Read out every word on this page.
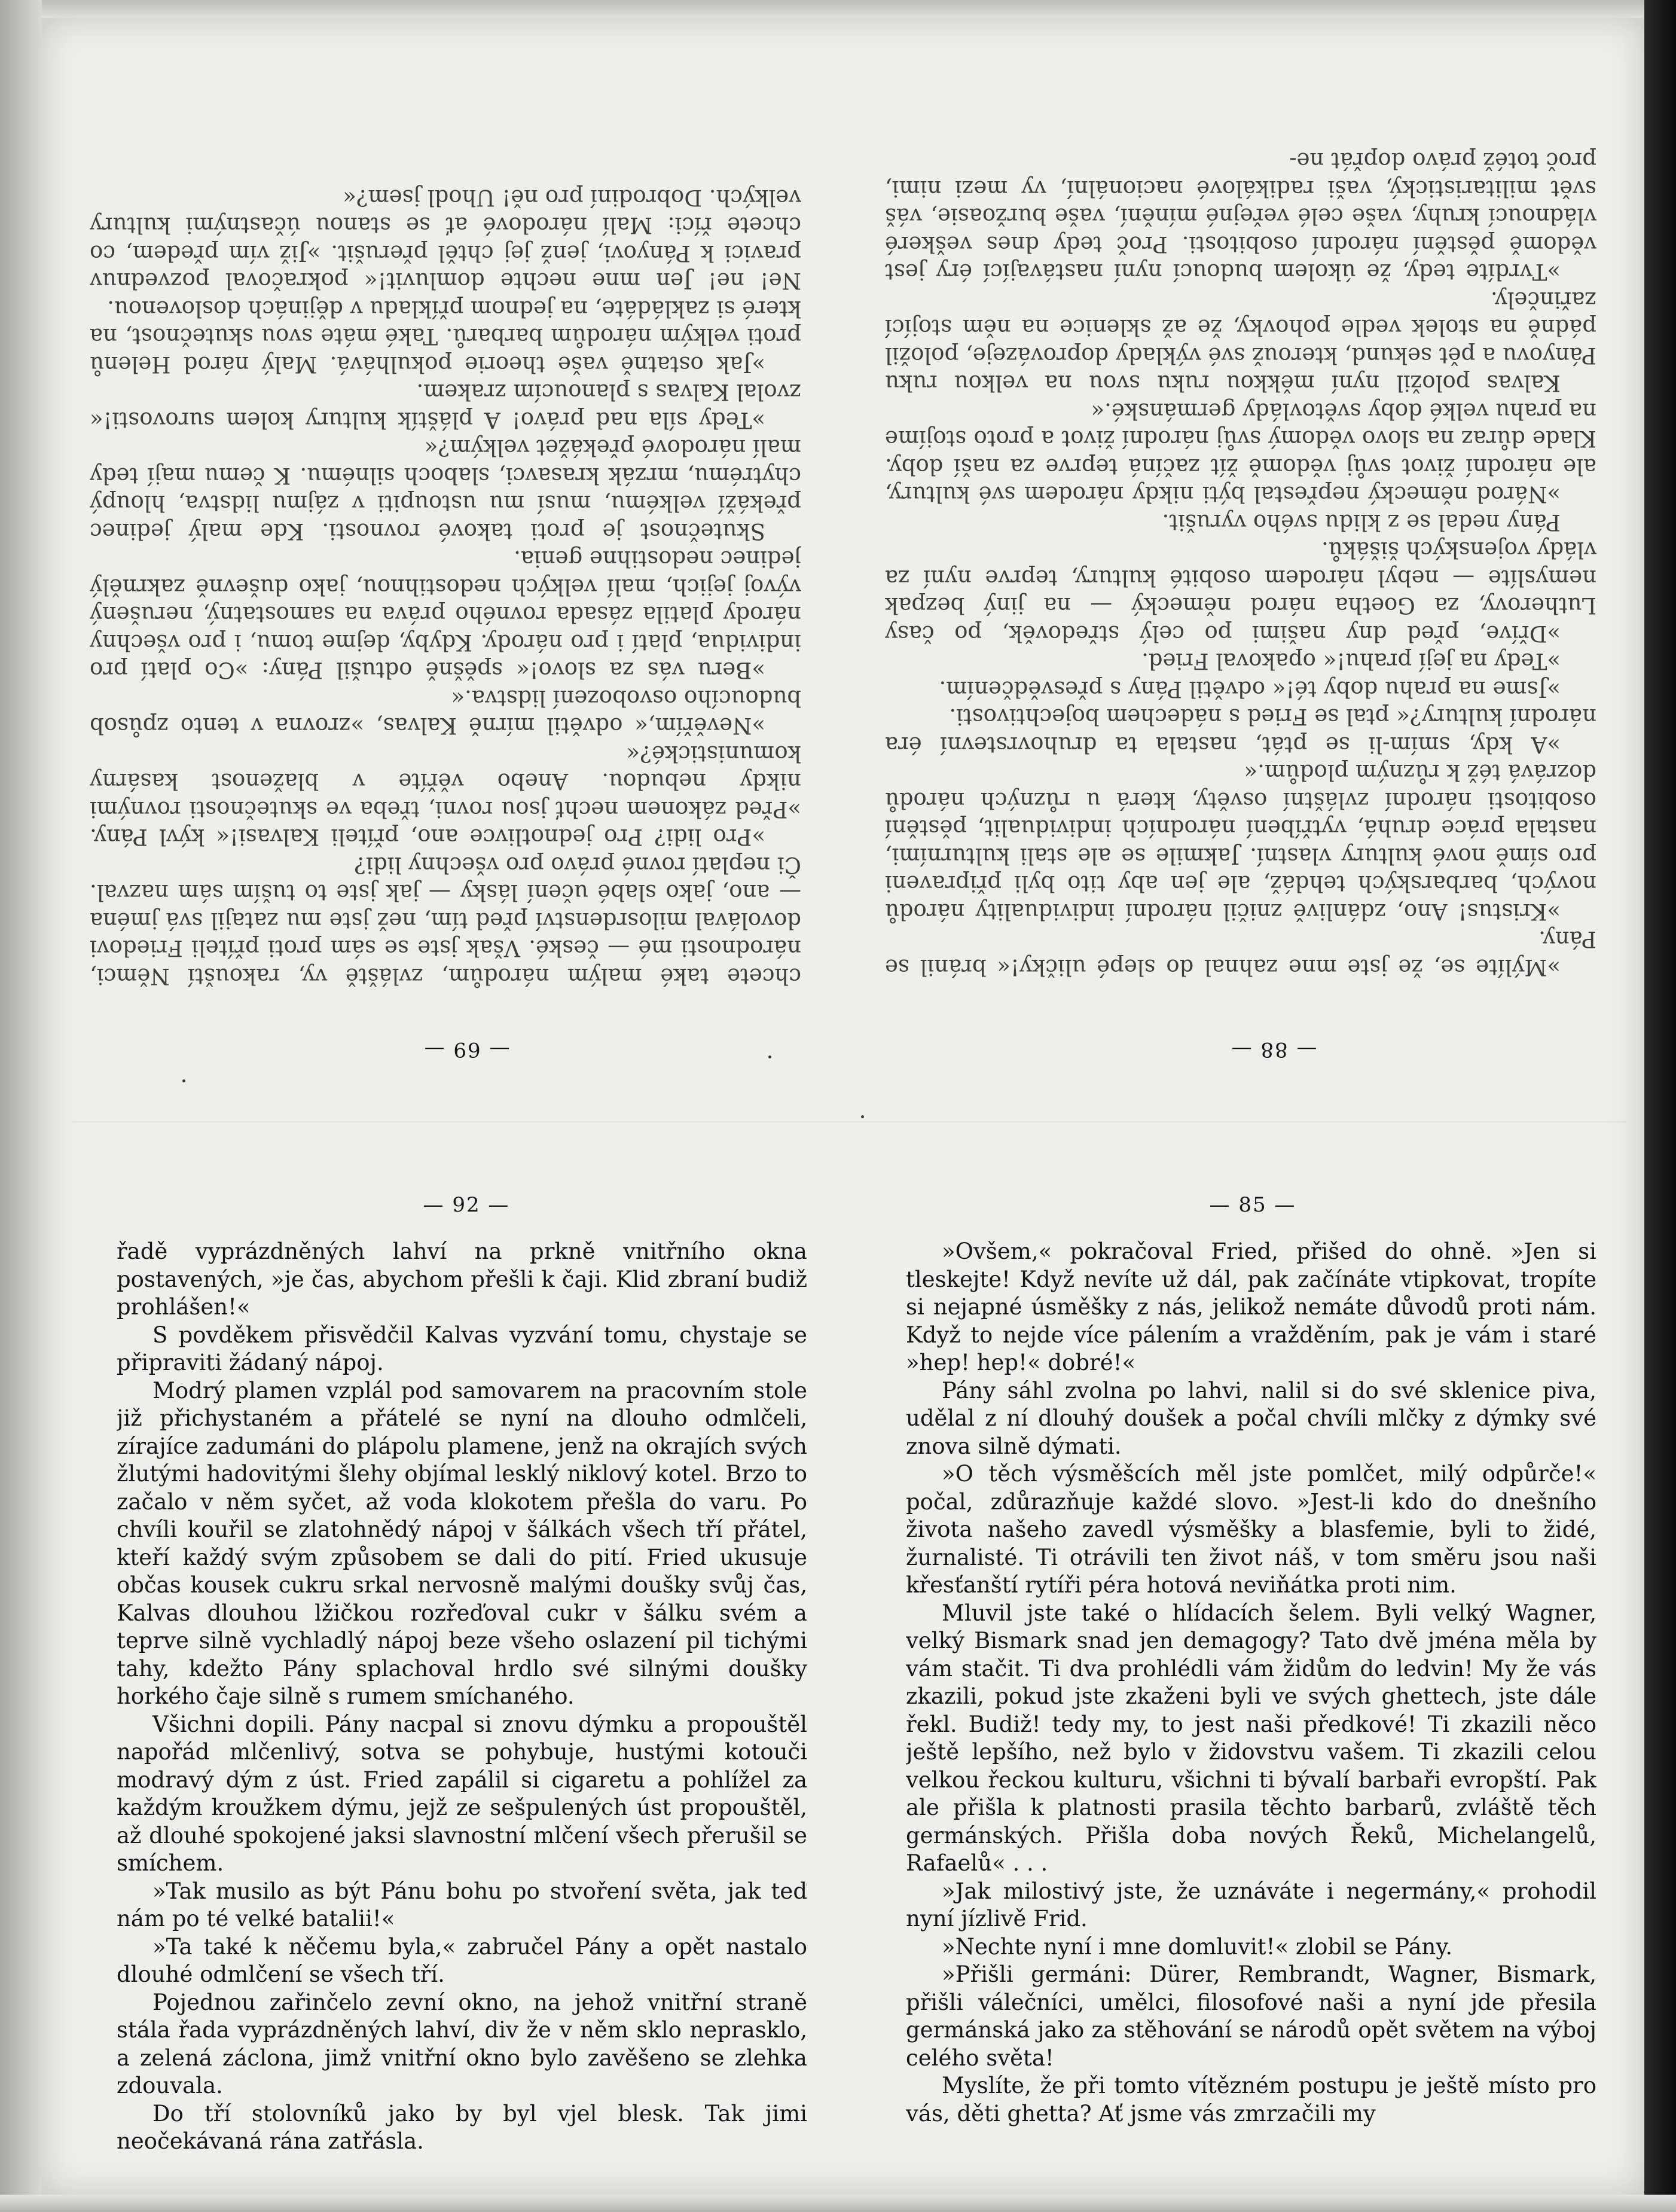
chcete také malým národům, zvláště vy, rakouští Němci, národnosti mé — české. Však jste se sám proti příteli Friedovi dovolával milosrdenství před tím, než jste mu zatajil svá jména — ano, jako slabé učení lásky — jak jste to tuším sám nazval. Či neplatí rovné právo pro všechny lidi?

»Pro lidi? Pro jednotlivce ano, příteli Kalvasi!« kývl Pány. »Před zákonem nechť jsou rovni, třeba ve skutečnosti rovnými nikdy nebudou. Anebo věříte v blaženost kasárny komunistické?«

»Nevěřím,« odvětil mírně Kalvas, »zrovna v tento způsob budoucího osvobození lidstva.«

»Beru vás za slovo!« spěšně odtušil Pány: »Co platí pro individua, platí i pro národy. Kdyby, dejme tomu, i pro všechny národy platila zásada rovného práva na samostatný, nerušený vývoj jejich, malí velkých nedostihnou, jako duševně zakrnělý jedinec nedostihne genia.

Skutečnost je proti takové rovnosti. Kde malý jedinec překáží velkému, musí mu ustoupiti v zájmu lidstva, hloupý chytrému, mrzák krasavci, slaboch silnému. K čemu mají tedy malí národové překážet velkým?«

»Tedy síla nad právo! A pláštík kultury kolem surovosti!« zvolal Kalvas s planoucím zrakem.

»Jak ostatně vaše theorie pokulhává. Malý národ Helenů proti velkým národům barbarů. Také máte svou skutečnost, na které si zakládáte, na jednom příkladu v dějinách doslovenou.

Ne! ne! Jen mne nechte domluvit!« pokračoval pozvednuv pravici k Pányovi, jenž jej chtěl přerušit. »Již vím předem, co chcete říci: Malí národové ať se stanou účastnými kultury velkých. Dobrodiní pro ně! Uhodl jsem?«

»Mýlíte se, že jste mne zahnal do slepé uličky!« bránil se Pány.

»Kristus! Ano, zdánlivě zničil národní individuality národů nových, barbarských tehdáž, ale jen aby tito byli připraveni pro símě nové kultury vlastní. Jakmile se ale stali kulturními, nastala práce druhá, vytříbení národních individualit, pěstění osobitosti národní zvláštní osvěty, která u různých národů dozrává též k různým plodům.«

»A kdy, smím-li se ptát, nastala ta druhovrstevní éra národní kultury?« ptal se Fried s nádechem bojechtivosti.

»Jsme na prahu doby té!« odvětil Pány s přesvědčením.

»Tedy na její prahu!« opakoval Fried.

»Dříve, před dny našimi po celý středověk, po časy Lutherovy, za Goetha národ německý — na jiný bezpak nemyslíte — nebyl národem osobité kultury, teprve nyní za vlády vojenských šišáků.

Pány nedal se z klidu svého vyrušit.

»Národ německý nepřestal býti nikdy národem své kultury, ale národní život svůj vědomě žít začíná teprve za naší doby. Klade důraz na slovo vědomý svůj národní život a proto stojíme na prahu velké doby světovlády germánské.«

Kalvas položil nyní měkkou ruku svou na velkou ruku Pányovu a pět sekund, kterouž své výklady doprovázeje, položil pádně na stolek vedle pohovky, že až sklenice na něm stojící zařinčely.

»Tvrdíte tedy, že úkolem budoucí nyní nastávající éry jest vědomě pěstění národní osobitosti. Proč tedy dnes veškeré vládnoucí kruhy, vaše celé veřejné mínění, vaše buržoasie, váš svět militaristický, vaši radikálové nacionální, vy mezi nimi, proč totéž právo dopřát ne-

— 69 —	— 88 —
— 92 —	— 85 —

řadě vyprázdněných lahví na prkně vnitřního okna postavených, »je čas, abychom přešli k čaji. Klid zbraní budiž prohlášen!«

S povděkem přisvědčil Kalvas vyzvání tomu, chystaje se připraviti žádaný nápoj.

Modrý plamen vzplál pod samovarem na pracovním stole již přichystaném a přátelé se nyní na dlouho odmlčeli, zírajíce zadumáni do plápolu plamene, jenž na okrajích svých žlutými hadovitými šlehy objímal lesklý niklový kotel. Brzo to začalo v něm syčet, až voda klokotem přešla do varu. Po chvíli kouřil se zlatohnědý nápoj v šálkách všech tří přátel, kteří každý svým způsobem se dali do pití. Fried ukusuje občas kousek cukru srkal nervosně malými doušky svůj čas, Kalvas dlouhou lžičkou rozřeďoval cukr v šálku svém a teprve silně vychladlý nápoj beze všeho oslazení pil tichými tahy, kdežto Pány splachoval hrdlo své silnými doušky horkého čaje silně s rumem smíchaného.

Všichni dopili. Pány nacpal si znovu dýmku a propouštěl napořád mlčenlivý, sotva se pohybuje, hustými kotouči modravý dým z úst. Fried zapálil si cigaretu a pohlížel za každým kroužkem dýmu, jejž ze sešpulených úst propouštěl, až dlouhé spokojené jaksi slavnostní mlčení všech přerušil se smíchem.

»Tak musilo as být Pánu bohu po stvoření světa, jak teď nám po té velké batalii!«

»Ta také k něčemu byla,« zabručel Pány a opět nastalo dlouhé odmlčení se všech tří.

Pojednou zařinčelo zevní okno, na jehož vnitřní straně stála řada vyprázdněných lahví, div že v něm sklo neprasklo, a zelená záclona, jimž vnitřní okno bylo zavěšeno se zlehka zdouvala.

Do tří stolovníků jako by byl vjel blesk. Tak jimi neočekávaná rána zatřásla.

»Ovšem,« pokračoval Fried, přišed do ohně. »Jen si tleskejte! Když nevíte už dál, pak začínáte vtipkovat, tropíte si nejapné úsměšky z nás, jelikož nemáte důvodů proti nám. Když to nejde více pálením a vražděním, pak je vám i staré »hep! hep!« dobré!«

Pány sáhl zvolna po lahvi, nalil si do své sklenice piva, udělal z ní dlouhý doušek a počal chvíli mlčky z dýmky své znova silně dýmati.

»O těch výsměšcích měl jste pomlčet, milý odpůrče!« počal, zdůrazňuje každé slovo. »Jest-li kdo do dnešního života našeho zavedl výsměšky a blasfemie, byli to židé, žurnalisté. Ti otrávili ten život náš, v tom směru jsou naši křesťanští rytíři péra hotová neviňátka proti nim.

Mluvil jste také o hlídacích šelem. Byli velký Wagner, velký Bismark snad jen demagogy? Tato dvě jména měla by vám stačit. Ti dva prohlédli vám židům do ledvin! My že vás zkazili, pokud jste zkaženi byli ve svých ghettech, jste dále řekl. Budiž! tedy my, to jest naši předkové! Ti zkazili něco ještě lepšího, než bylo v židovstvu vašem. Ti zkazili celou velkou řeckou kulturu, všichni ti bývalí barbaři evropští. Pak ale přišla k platnosti prasila těchto barbarů, zvláště těch germánských. Přišla doba nových Řeků, Michelangelů, Rafaelů« . . .

»Jak milostivý jste, že uznáváte i negermány,« prohodil nyní jízlivě Frid.

»Nechte nyní i mne domluvit!« zlobil se Pány.

»Přišli germáni: Dürer, Rembrandt, Wagner, Bismark, přišli válečníci, umělci, filosofové naši a nyní jde přesila germánská jako za stěhování se národů opět světem na výboj celého světa!

Myslíte, že při tomto vítězném postupu je ještě místo pro vás, děti ghetta? Ať jsme vás zmrzačili my
